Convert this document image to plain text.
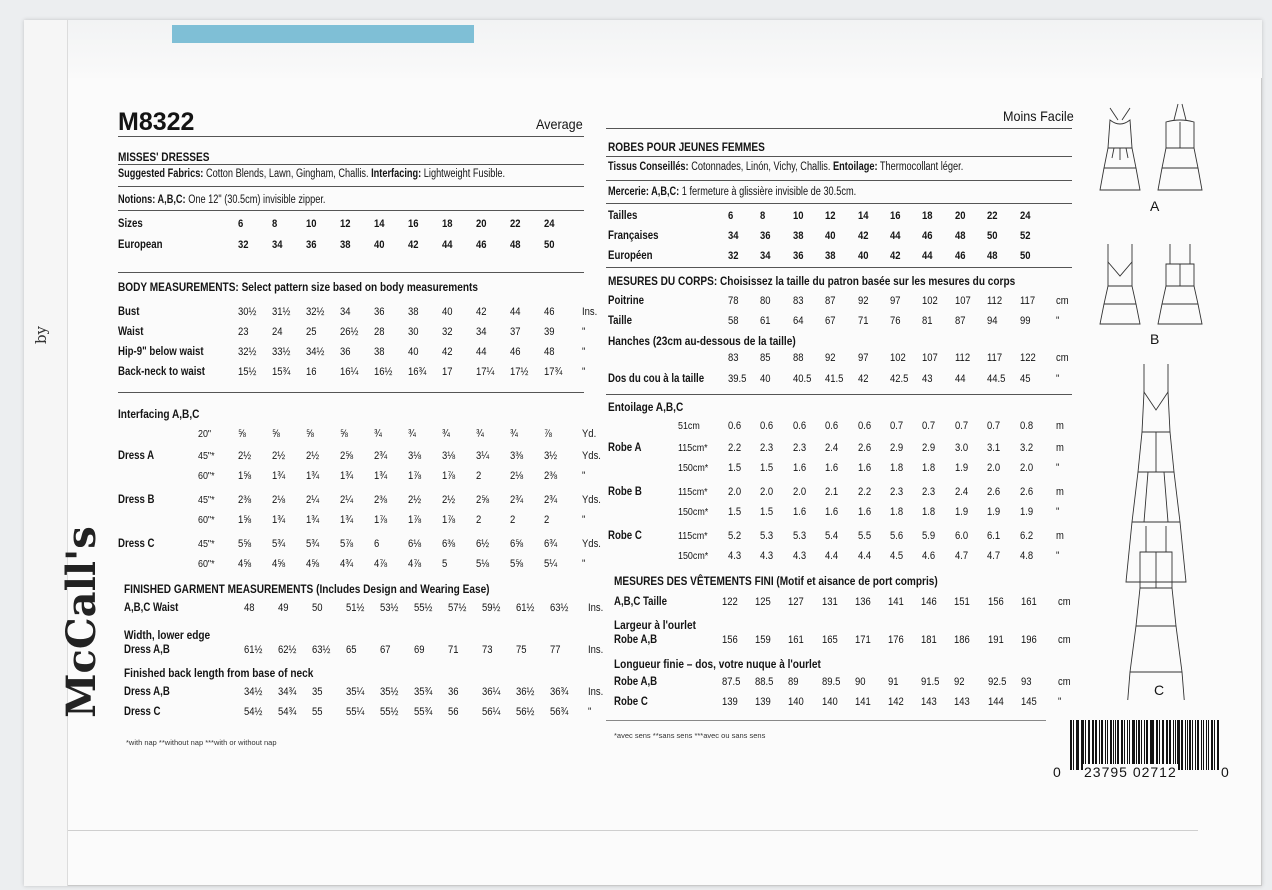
McCall's
by
M8322	Average
MISSES' DRESSES
Suggested Fabrics: Cotton Blends, Lawn, Gingham, Challis. Interfacing: Lightweight Fusible.
Notions: A,B,C: One 12" (30.5cm) invisible zipper.
Sizes	6	8	10	12	14	16	18	20	22	24
European	32	34	36	38	40	42	44	46	48	50
BODY MEASUREMENTS: Select pattern size based on body measurements
Bust	30½	31½	32½	34	36	38	40	42	44	46	Ins.
Waist	23	24	25	26½	28	30	32	34	37	39	"
Hip-9" below waist	32½	33½	34½	36	38	40	42	44	46	48	"
Back-neck to waist	15½	15¾	16	16¼	16½	16¾	17	17¼	17½	17¾	"
Interfacing A,B,C
20"	⅝	⅝	⅝	⅝	¾	¾	¾	¾	¾	⅞	Yd.
Dress A	45"*	2½	2½	2½	2⅝	2¾	3⅛	3⅛	3¼	3⅜	3½	Yds.
60"*	1⅝	1¾	1¾	1¾	1¾	1⅞	1⅞	2	2⅛	2⅜	"
Dress B	45"*	2⅜	2⅛	2¼	2¼	2⅜	2½	2½	2⅝	2¾	2¾	Yds.
60"*	1⅝	1¾	1¾	1¾	1⅞	1⅞	1⅞	2	2	2	"
Dress C	45"*	5⅝	5¾	5¾	5⅞	6	6⅛	6⅜	6½	6⅝	6¾	Yds.
60"*	4⅝	4⅝	4⅝	4¾	4⅞	4⅞	5	5⅛	5⅝	5¼	"
FINISHED GARMENT MEASUREMENTS (Includes Design and Wearing Ease)
A,B,C Waist	48	49	50	51½	53½	55½	57½	59½	61½	63½	Ins.
Dress A,B	61½	62½	63½	65	67	69	71	73	75	77	Ins.
Dress A,B	34½	34¾	35	35¼	35½	35¾	36	36¼	36½	36¾	Ins.
Dress C	54½	54¾	55	55¼	55½	55¾	56	56¼	56½	56¾	"
Width, lower edge
Finished back length from base of neck
*with nap **without nap ***with or without nap
Moins Facile
ROBES POUR JEUNES FEMMES
Tissus Conseillés: Cotonnades, Linón, Vichy, Challis. Entoilage: Thermocollant léger.
Mercerie: A,B,C: 1 fermeture à glissière invisible de 30.5cm.
Tailles	6	8	10	12	14	16	18	20	22	24
Françaises	34	36	38	40	42	44	46	48	50	52
Européen	32	34	36	38	40	42	44	46	48	50
MESURES DU CORPS: Choisissez la taille du patron basée sur les mesures du corps
Poitrine	78	80	83	87	92	97	102	107	112	117	cm
Taille	58	61	64	67	71	76	81	87	94	99	"
83	85	88	92	97	102	107	112	117	122	cm
Dos du cou à la taille	39.5	40	40.5	41.5	42	42.5	43	44	44.5	45	"
Hanches (23cm au-dessous de la taille)
Entoilage A,B,C
51cm	0.6	0.6	0.6	0.6	0.6	0.7	0.7	0.7	0.7	0.8	m
Robe A	115cm*	2.2	2.3	2.3	2.4	2.6	2.9	2.9	3.0	3.1	3.2	m
150cm*	1.5	1.5	1.6	1.6	1.6	1.8	1.8	1.9	2.0	2.0	"
Robe B	115cm*	2.0	2.0	2.0	2.1	2.2	2.3	2.3	2.4	2.6	2.6	m
150cm*	1.5	1.5	1.6	1.6	1.6	1.8	1.8	1.9	1.9	1.9	"
Robe C	115cm*	5.2	5.3	5.3	5.4	5.5	5.6	5.9	6.0	6.1	6.2	m
150cm*	4.3	4.3	4.3	4.4	4.4	4.5	4.6	4.7	4.7	4.8	"
MESURES DES VÊTEMENTS FINI (Motif et aisance de port compris)
A,B,C Taille	122	125	127	131	136	141	146	151	156	161	cm
Robe A,B	156	159	161	165	171	176	181	186	191	196	cm
Robe A,B	87.5	88.5	89	89.5	90	91	91.5	92	92.5	93	cm
Robe C	139	139	140	140	141	142	143	143	144	145	"
Largeur à l'ourlet
Longueur finie – dos, votre nuque à l'ourlet
*avec sens **sans sens ***avec ou sans sens
A
B
C
0 23795 02712	0
